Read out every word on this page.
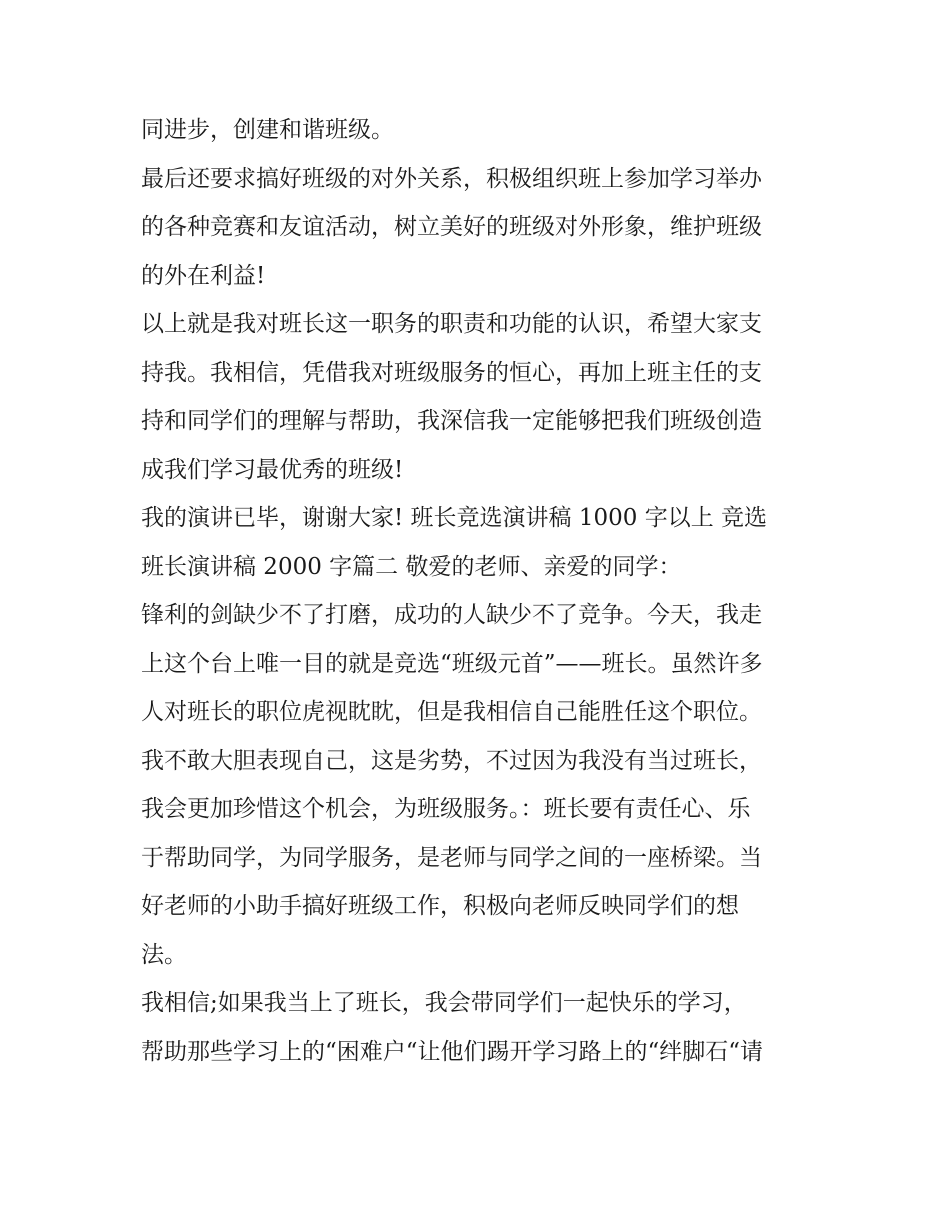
同进步，创建和谐班级。
最后还要求搞好班级的对外关系，积极组织班上参加学习举办
的各种竞赛和友谊活动，树立美好的班级对外形象，维护班级
的外在利益!
以上就是我对班长这一职务的职责和功能的认识，希望大家支
持我。我相信，凭借我对班级服务的恒心，再加上班主任的支
持和同学们的理解与帮助，我深信我一定能够把我们班级创造
成我们学习最优秀的班级!
我的演讲已毕，谢谢大家! 班长竞选演讲稿 1000 字以上 竞选
班长演讲稿 2000 字篇二 敬爱的老师、亲爱的同学：
锋利的剑缺少不了打磨，成功的人缺少不了竞争。今天，我走
上这个台上唯一目的就是竞选“班级元首”——班长。虽然许多
人对班长的职位虎视眈眈，但是我相信自己能胜任这个职位。
我不敢大胆表现自己，这是劣势，不过因为我没有当过班长，
我会更加珍惜这个机会，为班级服务。：班长要有责任心、乐
于帮助同学，为同学服务，是老师与同学之间的一座桥梁。当
好老师的小助手搞好班级工作，积极向老师反映同学们的想
法。
我相信;如果我当上了班长，我会带同学们一起快乐的学习，
帮助那些学习上的“困难户“让他们踢开学习路上的“绊脚石“请
